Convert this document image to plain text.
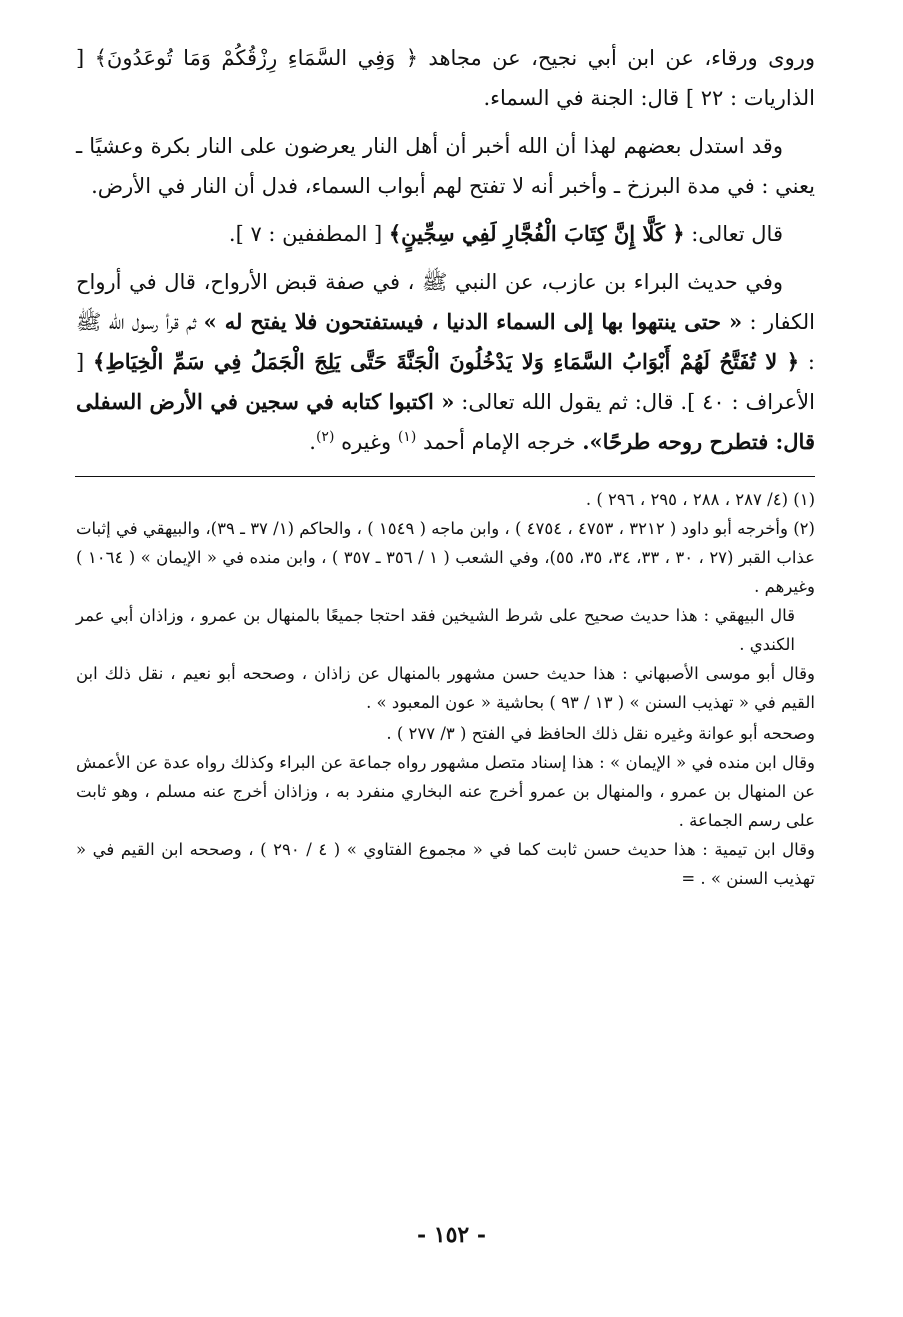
وروى ورقاء، عن ابن أبي نجيح، عن مجاهد ﴿ وَفِي السَّمَاءِ رِزْقُكُمْ وَمَا تُوعَدُونَ﴾ [ الذاريات : ٢٢ ] قال: الجنة في السماء.

وقد استدل بعضهم لهذا أن الله أخبر أن أهل النار يعرضون على النار بكرة وعشيًا ـ يعني : في مدة البرزخ ـ وأخبر أنه لا تفتح لهم أبواب السماء، فدل أن النار في الأرض.

قال تعالى: ﴿ كَلَّا إِنَّ كِتَابَ الْفُجَّارِ لَفِي سِجِّينٍ﴾ [ المطففين : ٧ ].

وفي حديث البراء بن عازب، عن النبي ﷺ ، في صفة قبض الأرواح، قال في أرواح الكفار : « حتى ينتهوا بها إلى السماء الدنيا ، فيستفتحون فلا يفتح له » ثم قرأ رسول الله ﷺ : ﴿ لا تُفَتَّحُ لَهُمْ أَبْوَابُ السَّمَاءِ وَلا يَدْخُلُونَ الْجَنَّةَ حَتَّى يَلِجَ الْجَمَلُ فِي سَمِّ الْخِيَاطِ﴾ [ الأعراف : ٤٠ ]. قال: ثم يقول الله تعالى: « اكتبوا كتابه في سجين في الأرض السفلى قال: فتطرح روحه طرحًا». خرجه الإمام أحمد $^{(١)}$ وغيره $^{(٢)}$.

(١) (٤/ ٢٨٧ ، ٢٨٨ ، ٢٩٥ ، ٢٩٦ ) .

(٢) وأخرجه أبو داود ( ٣٢١٢ ، ٤٧٥٣ ، ٤٧٥٤ ) ، وابن ماجه ( ١٥٤٩ ) ، والحاكم (١/ ٣٧ ـ ٣٩)، والبيهقي في إثبات عذاب القبر (٢٧ ، ٣٠ ، ٣٣، ٣٤، ٣٥، ٥٥)، وفي الشعب ( ١ / ٣٥٦ ـ ٣٥٧ ) ، وابن منده في « الإيمان » ( ١٠٦٤ ) وغيرهم .

قال البيهقي : هذا حديث صحيح على شرط الشيخين فقد احتجا جميعًا بالمنهال بن عمرو ، وزاذان أبي عمر الكندي .

وقال أبو موسى الأصبهاني : هذا حديث حسن مشهور بالمنهال عن زاذان ، وصححه أبو نعيم ، نقل ذلك ابن القيم في « تهذيب السنن » ( ١٣ / ٩٣ ) بحاشية « عون المعبود » .

وصححه أبو عوانة وغيره نقل ذلك الحافظ في الفتح ( ٣/ ٢٧٧ ) .

وقال ابن منده في « الإيمان » : هذا إسناد متصل مشهور رواه جماعة عن البراء وكذلك رواه عدة عن الأعمش عن المنهال بن عمرو ، والمنهال بن عمرو أخرج عنه البخاري منفرد به ، وزاذان أخرج عنه مسلم ، وهو ثابت على رسم الجماعة .

وقال ابن تيمية : هذا حديث حسن ثابت كما في « مجموع الفتاوي » ( ٤ / ٢٩٠ ) ، وصححه ابن القيم في « تهذيب السنن » . =

- ١٥٢ -
